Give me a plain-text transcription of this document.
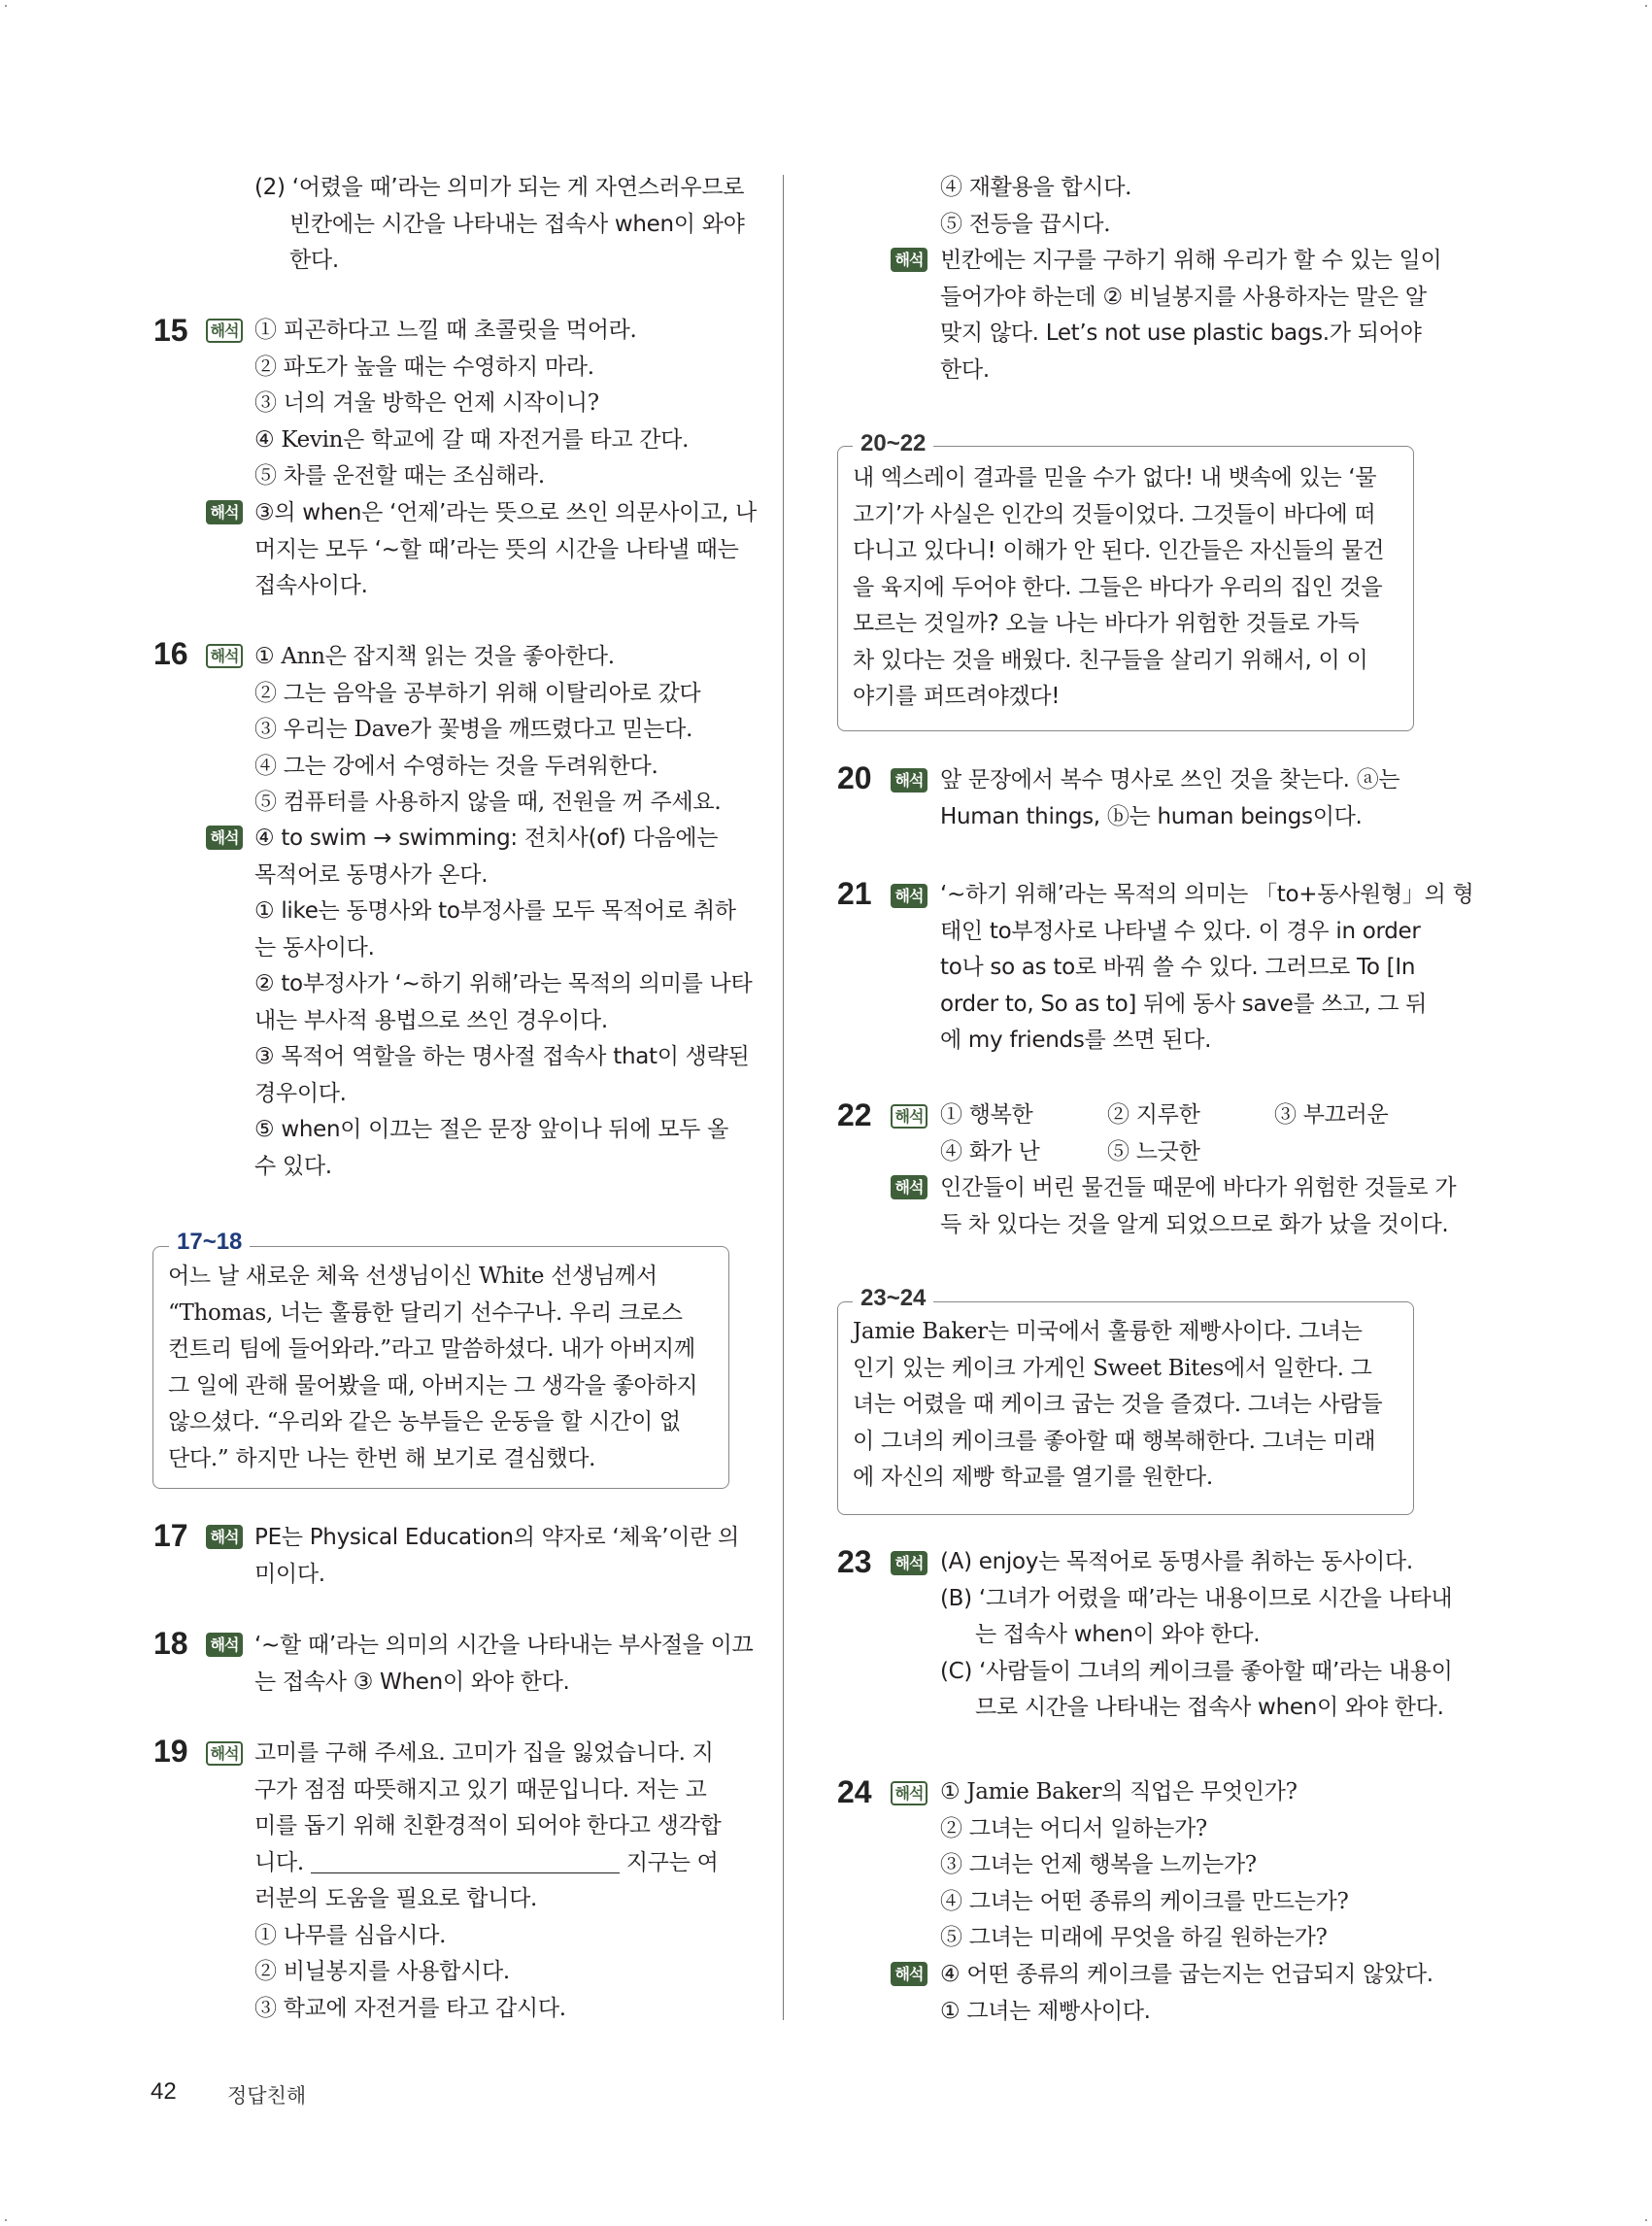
(2) ‘어렸을 때’라는 의미가 되는 게 자연스러우므로
빈칸에는 시간을 나타내는 접속사 when이 와야
한다.
15 해석 ① 피곤하다고 느낄 때 초콜릿을 먹어라.
② 파도가 높을 때는 수영하지 마라.
③ 너의 겨울 방학은 언제 시작이니?
④ Kevin은 학교에 갈 때 자전거를 타고 간다.
⑤ 차를 운전할 때는 조심해라.
해석 ③의 when은 ‘언제’라는 뜻으로 쓰인 의문사이고, 나
머지는 모두 ‘~할 때’라는 뜻의 시간을 나타낼 때는
접속사이다.
16 해석 ① Ann은 잡지책 읽는 것을 좋아한다.
② 그는 음악을 공부하기 위해 이탈리아로 갔다
③ 우리는 Dave가 꽃병을 깨뜨렸다고 믿는다.
④ 그는 강에서 수영하는 것을 두려워한다.
⑤ 컴퓨터를 사용하지 않을 때, 전원을 꺼 주세요.
해석 ④ to swim → swimming: 전치사(of) 다음에는
목적어로 동명사가 온다.
① like는 동명사와 to부정사를 모두 목적어로 취하
는 동사이다.
② to부정사가 ‘~하기 위해’라는 목적의 의미를 나타
내는 부사적 용법으로 쓰인 경우이다.
③ 목적어 역할을 하는 명사절 접속사 that이 생략된
경우이다.
⑤ when이 이끄는 절은 문장 앞이나 뒤에 모두 올
수 있다.
어느 날 새로운 체육 선생님이신 White 선생님께서
“Thomas, 너는 훌륭한 달리기 선수구나. 우리 크로스
컨트리 팀에 들어와라.”라고 말씀하셨다. 내가 아버지께
그 일에 관해 물어봤을 때, 아버지는 그 생각을 좋아하지
않으셨다. “우리와 같은 농부들은 운동을 할 시간이 없
단다.” 하지만 나는 한번 해 보기로 결심했다.
17~18
17 해석 PE는 Physical Education의 약자로 ‘체육’이란 의
미이다.
18 해석 ‘~할 때’라는 의미의 시간을 나타내는 부사절을 이끄
는 접속사 ③ When이 와야 한다.
19 해석 고미를 구해 주세요. 고미가 집을 잃었습니다. 지
구가 점점 따뜻해지고 있기 때문입니다. 저는 고
미를 돕기 위해 친환경적이 되어야 한다고 생각합
니다.	지구는 여
러분의 도움을 필요로 합니다.
① 나무를 심읍시다.
② 비닐봉지를 사용합시다.
③ 학교에 자전거를 타고 갑시다.
④ 재활용을 합시다.
⑤ 전등을 끕시다.
해석 빈칸에는 지구를 구하기 위해 우리가 할 수 있는 일이
들어가야 하는데 ② 비닐봉지를 사용하자는 말은 알
맞지 않다. Let’s not use plastic bags.가 되어야
한다.
내 엑스레이 결과를 믿을 수가 없다! 내 뱃속에 있는 ‘물
고기’가 사실은 인간의 것들이었다. 그것들이 바다에 떠
다니고 있다니! 이해가 안 된다. 인간들은 자신들의 물건
을 육지에 두어야 한다. 그들은 바다가 우리의 집인 것을
모르는 것일까? 오늘 나는 바다가 위험한 것들로 가득
차 있다는 것을 배웠다. 친구들을 살리기 위해서, 이 이
야기를 퍼뜨려야겠다!
20~22
20 해석 앞 문장에서 복수 명사로 쓰인 것을 찾는다. ⓐ는
Human things, ⓑ는 human beings이다.
21 해석 ‘~하기 위해’라는 목적의 의미는 「to+동사원형」의 형
태인 to부정사로 나타낼 수 있다. 이 경우 in order
to나 so as to로 바꿔 쓸 수 있다. 그러므로 To [In
order to, So as to] 뒤에 동사 save를 쓰고, 그 뒤
에 my friends를 쓰면 된다.
22 해석 ① 행복한	② 지루한	③ 부끄러운
④ 화가 난	⑤ 느긋한
해석 인간들이 버린 물건들 때문에 바다가 위험한 것들로 가
득 차 있다는 것을 알게 되었으므로 화가 났을 것이다.
Jamie Baker는 미국에서 훌륭한 제빵사이다. 그녀는
인기 있는 케이크 가게인 Sweet Bites에서 일한다. 그
녀는 어렸을 때 케이크 굽는 것을 즐겼다. 그녀는 사람들
이 그녀의 케이크를 좋아할 때 행복해한다. 그녀는 미래
에 자신의 제빵 학교를 열기를 원한다.
23~24
23 해석 (A) enjoy는 목적어로 동명사를 취하는 동사이다.
(B) ‘그녀가 어렸을 때’라는 내용이므로 시간을 나타내
는 접속사 when이 와야 한다.
(C) ‘사람들이 그녀의 케이크를 좋아할 때’라는 내용이
므로 시간을 나타내는 접속사 when이 와야 한다.
24 해석 ① Jamie Baker의 직업은 무엇인가?
② 그녀는 어디서 일하는가?
③ 그녀는 언제 행복을 느끼는가?
④ 그녀는 어떤 종류의 케이크를 만드는가?
⑤ 그녀는 미래에 무엇을 하길 원하는가?
해석 ④ 어떤 종류의 케이크를 굽는지는 언급되지 않았다.
① 그녀는 제빵사이다.
42 정답친해
